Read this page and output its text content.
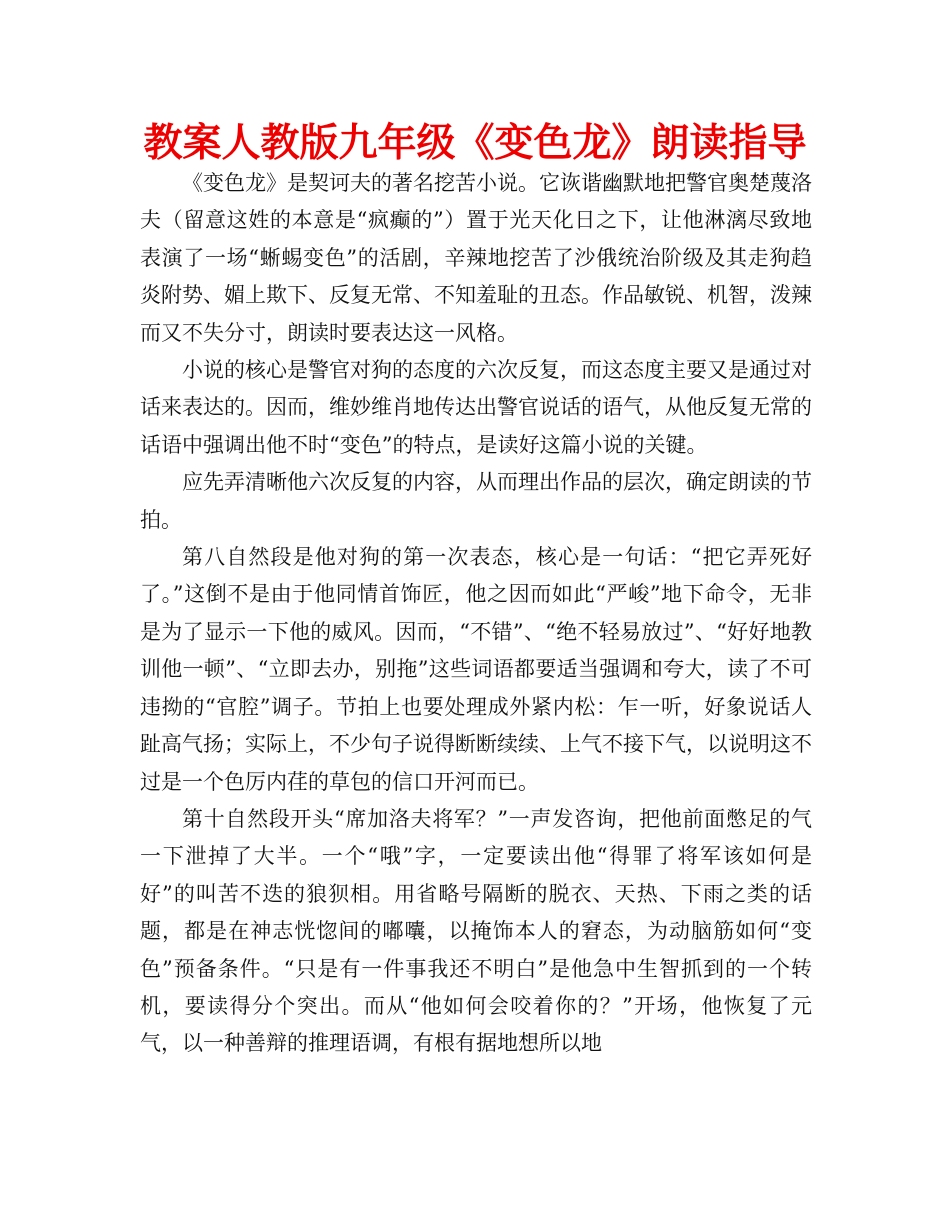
教案人教版九年级《变色龙》朗读指导

《变色龙》是契诃夫的著名挖苦小说。它诙谐幽默地把警官奥楚蔑洛夫（留意这姓的本意是“疯癫的”）置于光天化日之下，让他淋漓尽致地表演了一场“蜥蜴变色”的活剧，辛辣地挖苦了沙俄统治阶级及其走狗趋炎附势、媚上欺下、反复无常、不知羞耻的丑态。作品敏锐、机智，泼辣而又不失分寸，朗读时要表达这一风格。

小说的核心是警官对狗的态度的六次反复，而这态度主要又是通过对话来表达的。因而，维妙维肖地传达出警官说话的语气，从他反复无常的话语中强调出他不时“变色”的特点，是读好这篇小说的关键。

应先弄清晰他六次反复的内容，从而理出作品的层次，确定朗读的节拍。

第八自然段是他对狗的第一次表态，核心是一句话：“把它弄死好了。”这倒不是由于他同情首饰匠，他之因而如此“严峻”地下命令，无非是为了显示一下他的威风。因而，“不错”、“绝不轻易放过”、“好好地教训他一顿”、“立即去办，别拖”这些词语都要适当强调和夸大，读了不可违拗的“官腔”调子。节拍上也要处理成外紧内松：乍一听，好象说话人趾高气扬；实际上，不少句子说得断断续续、上气不接下气，以说明这不过是一个色厉内荏的草包的信口开河而已。

第十自然段开头“席加洛夫将军？”一声发咨询，把他前面憋足的气一下泄掉了大半。一个“哦”字，一定要读出他“得罪了将军该如何是好”的叫苦不迭的狼狈相。用省略号隔断的脱衣、天热、下雨之类的话题，都是在神志恍惚间的嘟囔，以掩饰本人的窘态，为动脑筋如何“变色”预备条件。“只是有一件事我还不明白”是他急中生智抓到的一个转机，要读得分个突出。而从“他如何会咬着你的？”开场，他恢复了元气，以一种善辩的推理语调，有根有据地想所以地
